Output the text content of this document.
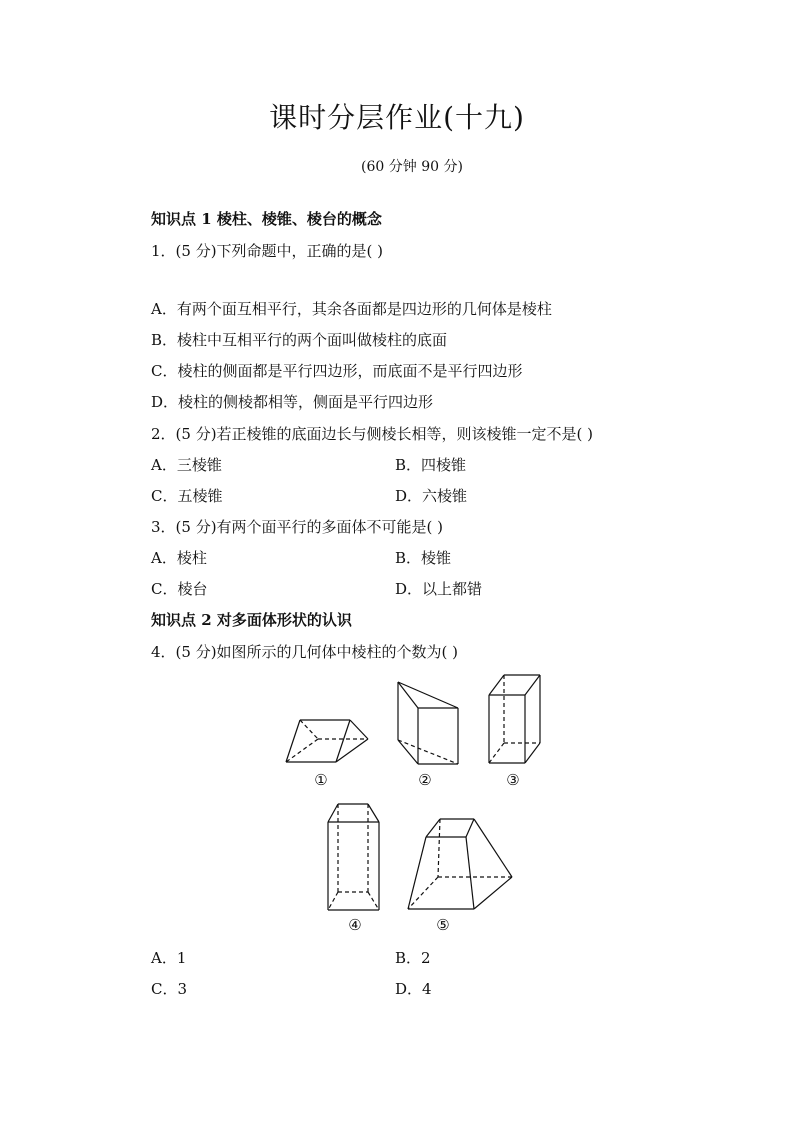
课时分层作业(十九)
(60 分钟 90 分)
知识点 1 棱柱、棱锥、棱台的概念
1．(5 分)下列命题中，正确的是( )
A．有两个面互相平行，其余各面都是四边形的几何体是棱柱
B．棱柱中互相平行的两个面叫做棱柱的底面
C．棱柱的侧面都是平行四边形，而底面不是平行四边形
D．棱柱的侧棱都相等，侧面是平行四边形
2．(5 分)若正棱锥的底面边长与侧棱长相等，则该棱锥一定不是( )
A．三棱锥	B．四棱锥
C．五棱锥	D．六棱锥
3．(5 分)有两个面平行的多面体不可能是( )
A．棱柱	B．棱锥
C．棱台	D．以上都错
知识点 2 对多面体形状的认识
4．(5 分)如图所示的几何体中棱柱的个数为( )
①	②	③
④	⑤
A．1	B．2
C．3	D．4
